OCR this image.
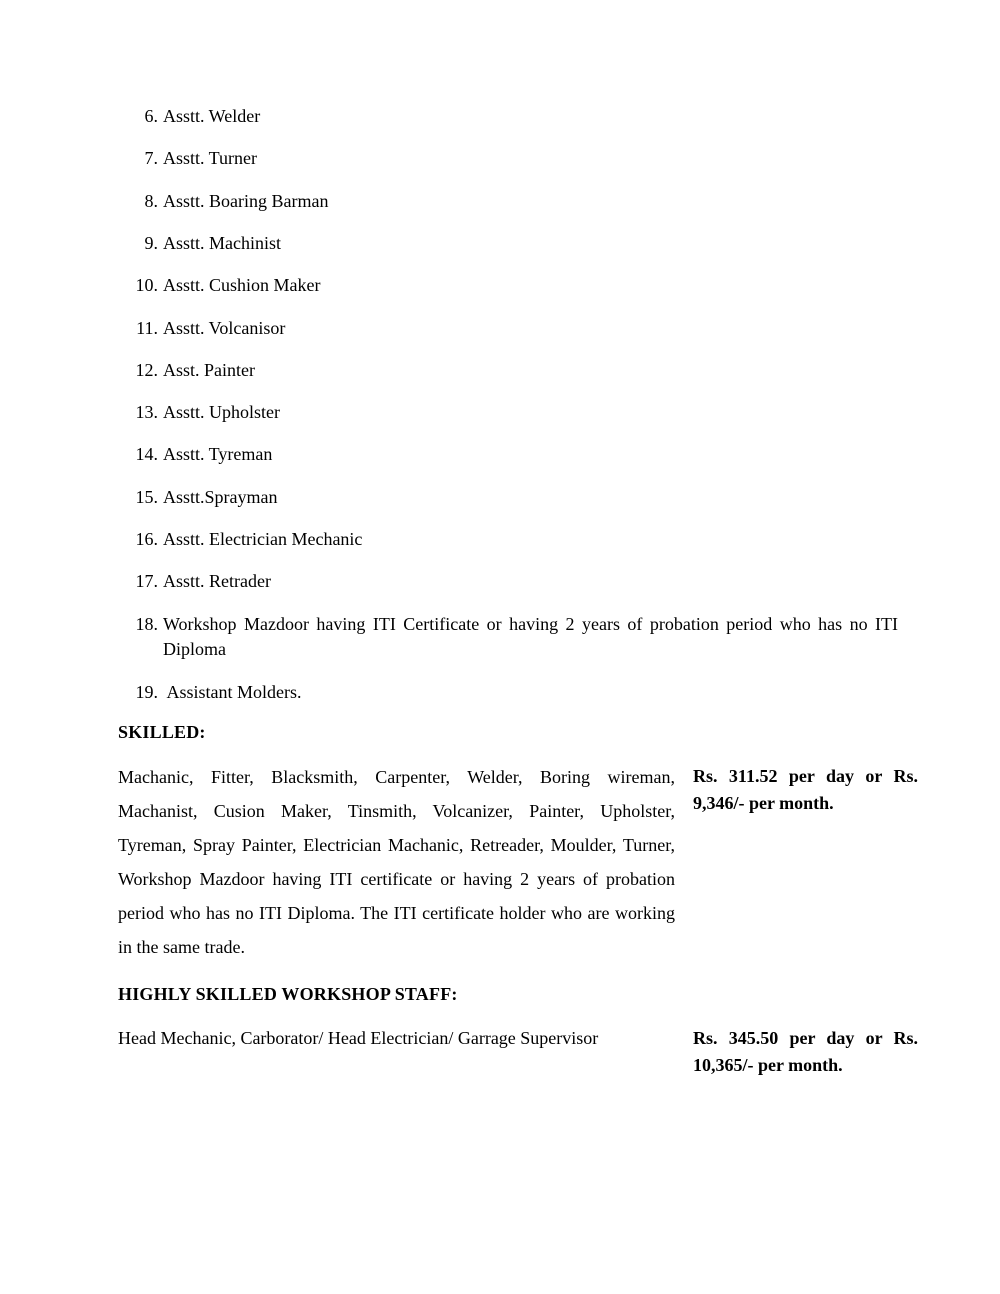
6. Asstt. Welder
7. Asstt. Turner
8. Asstt. Boaring Barman
9. Asstt. Machinist
10. Asstt. Cushion Maker
11. Asstt. Volcanisor
12. Asst. Painter
13. Asstt. Upholster
14. Asstt. Tyreman
15. Asstt.Sprayman
16. Asstt. Electrician Mechanic
17. Asstt. Retrader
18. Workshop Mazdoor having ITI Certificate or having 2 years of probation period who has no ITI Diploma
19. Assistant Molders.
SKILLED:
Machanic, Fitter, Blacksmith, Carpenter, Welder, Boring wireman, Machanist, Cusion Maker, Tinsmith, Volcanizer, Painter, Upholster, Tyreman, Spray Painter, Electrician Machanic, Retreader, Moulder, Turner, Workshop Mazdoor having ITI certificate or having 2 years of probation period who has no ITI Diploma. The ITI certificate holder who are working in the same trade.
Rs. 311.52 per day or Rs. 9,346/- per month.
HIGHLY SKILLED WORKSHOP STAFF:
Head Mechanic, Carborator/ Head Electrician/ Garrage Supervisor	Rs. 345.50 per day or Rs. 10,365/- per month.
